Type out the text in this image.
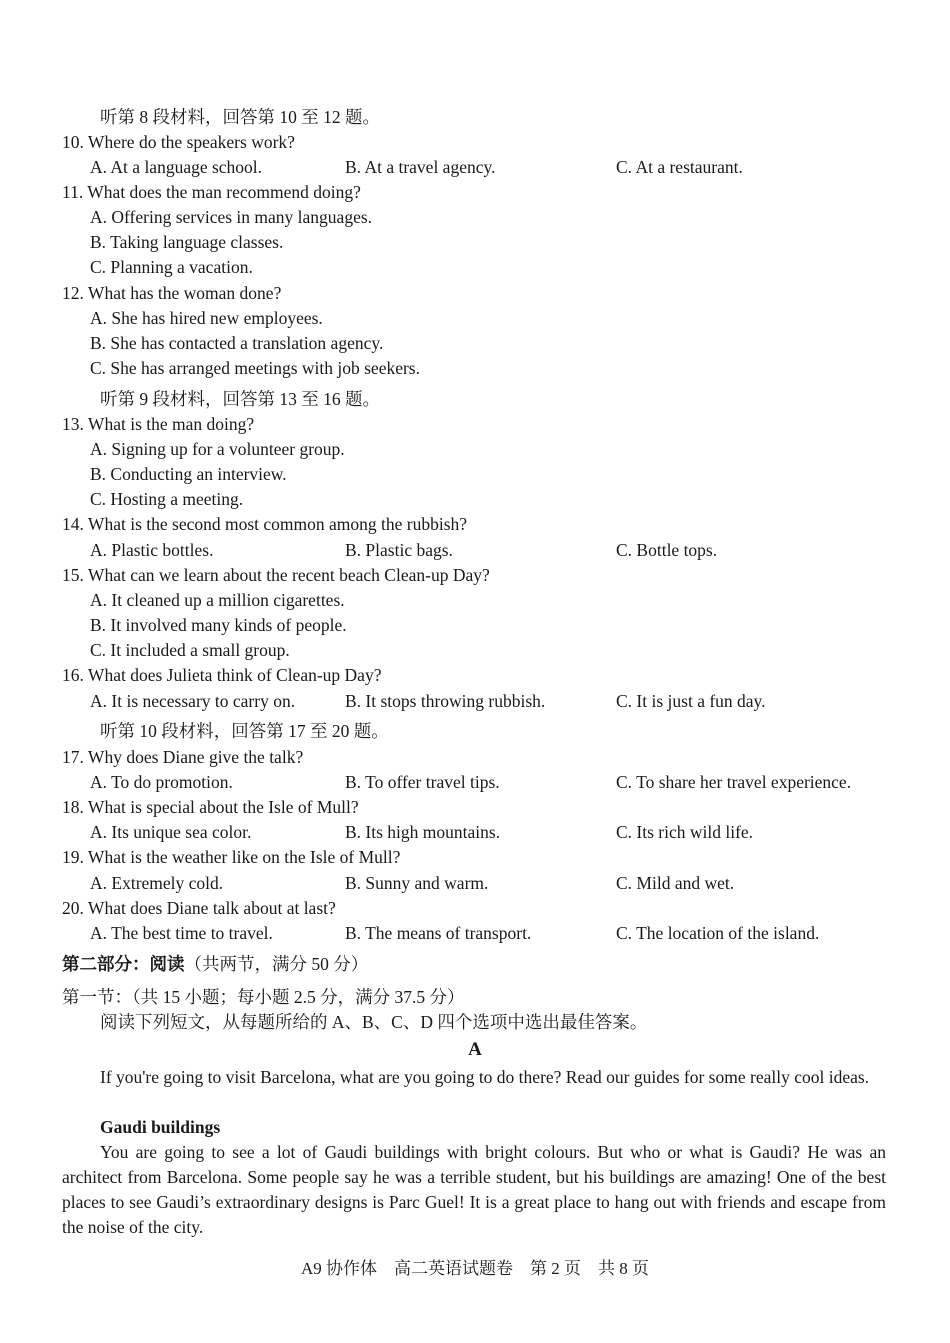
听第 8 段材料，回答第 10 至 12 题。
10. Where do the speakers work?
A. At a language school.	B. At a travel agency.	C. At a restaurant.
11. What does the man recommend doing?
A. Offering services in many languages.
B. Taking language classes.
C. Planning a vacation.
12. What has the woman done?
A. She has hired new employees.
B. She has contacted a translation agency.
C. She has arranged meetings with job seekers.
听第 9 段材料，回答第 13 至 16 题。
13. What is the man doing?
A. Signing up for a volunteer group.
B. Conducting an interview.
C. Hosting a meeting.
14. What is the second most common among the rubbish?
A. Plastic bottles.	B. Plastic bags.	C. Bottle tops.
15. What can we learn about the recent beach Clean-up Day?
A. It cleaned up a million cigarettes.
B. It involved many kinds of people.
C. It included a small group.
16. What does Julieta think of Clean-up Day?
A. It is necessary to carry on.	B. It stops throwing rubbish.	C. It is just a fun day.
听第 10 段材料，回答第 17 至 20 题。
17. Why does Diane give the talk?
A. To do promotion.	B. To offer travel tips.	C. To share her travel experience.
18. What is special about the Isle of Mull?
A. Its unique sea color.	B. Its high mountains.	C. Its rich wild life.
19. What is the weather like on the Isle of Mull?
A. Extremely cold.	B. Sunny and warm.	C. Mild and wet.
20. What does Diane talk about at last?
A. The best time to travel.	B. The means of transport.	C. The location of the island.
第二部分：阅读（共两节，满分 50 分）
第一节：（共 15 小题；每小题 2.5 分，满分 37.5 分）
阅读下列短文，从每题所给的 A、B、C、D 四个选项中选出最佳答案。
A
If you're going to visit Barcelona, what are you going to do there? Read our guides for some really cool ideas.
Gaudi buildings
You are going to see a lot of Gaudi buildings with bright colours. But who or what is Gaudi? He was an architect from Barcelona. Some people say he was a terrible student, but his buildings are amazing! One of the best places to see Gaudi’s extraordinary designs is Parc Guel! It is a great place to hang out with friends and escape from the noise of the city.
A9 协作体　高二英语试题卷　第 2 页　共 8 页
